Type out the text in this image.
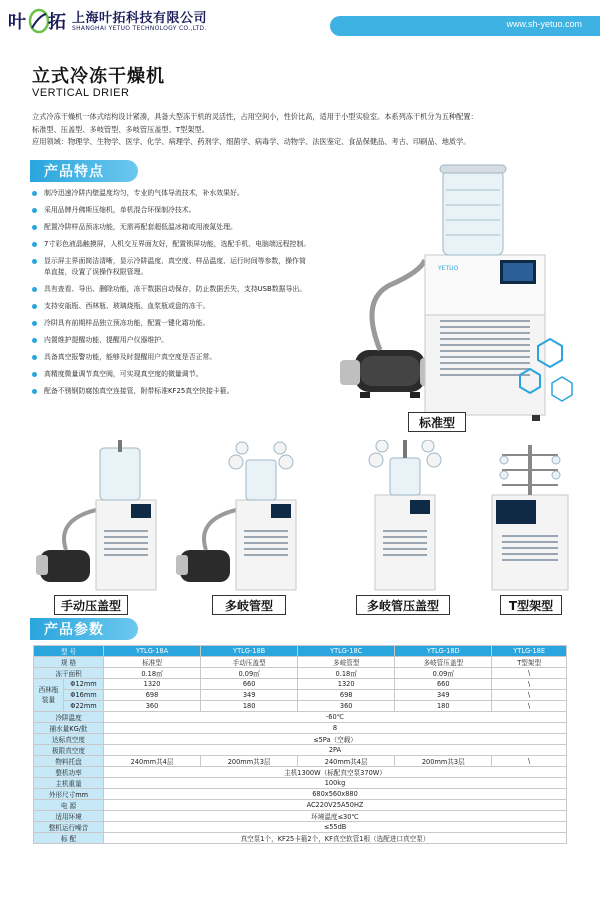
叶 拓 上海叶拓科技有限公司
SHANGHAI YETUO TECHNOLOGY CO.,LTD.	www.sh-yetuo.com
立式冷冻干燥机
VERTICAL DRIER
立式冷冻干燥机一体式结构设计紧凑，具备大型冻干机的灵活性，占用空间小，性价比高，适用于小型实验室。本系列冻干机分为五种配置：
标准型、压盖型、多岐管型、多岐管压盖型、T型架型。
应用领域：物理学、生物学、医学、化学、病理学、药剂学、细菌学、病毒学、动物学、法医鉴定、食品保健品、考古、印刷品、地质学。
产品特点
制冷迅速冷阱内壁温度均匀，专业的气体导流技术，补水效果好。
采用品牌丹佛斯压缩机，单机混合环保制冷技术。
配置冷阱样品预冻功能，无需再配套超低温冰箱或用液氮处理。
7寸彩色液晶触摸屏，人机交互界面友好，配置锁屏功能，选配手机、电脑端远程控制。
显示屏主界面简洁清晰，显示冷阱温度、真空度、样品温度、运行时间等参数，操作简单直接，设置了误操作权限管理。
具有查看、导出、删除功能，冻干数据自动保存，防止数据丢失，支持USB数据导出。
支持安瓿瓶、西林瓶、玻璃烧瓶、血浆瓶或盘的冻干。
冷阱具有前期样品独立预冻功能，配置一键化霜功能。
内置维护提醒功能，提醒用户仪器维护。
具备真空报警功能，能够及时提醒用户真空度是否正常。
高精度微量调节真空阀，可实现真空度的微量调节。
配备不锈钢防腐蚀真空连接管，附带标准KF25真空快接卡箍。
YETUO
标准型
手动压盖型	多岐管型	多岐管压盖型	T型架型
产品参数
型 号		YTLG-18A	YTLG-18B	YTLG-18C	YTLG-18D	YTLG-18E
规 格		标准型	手动压盖型	多岐管型	多岐管压盖型	T型架型
冻干面积		0.18㎡	0.09㎡	0.18㎡	0.09㎡	\
西林瓶装量	Φ12mm	1320	660	1320	660	\
	Φ16mm	698	349	698	349	\
	Φ22mm	360	180	360	180	\
冷阱温度		-60℃				
捕水量KG/批		8				
达标真空度		≤5Pa（空载）				
极限真空度		2PA				
物料托盘		240mm共4层	200mm共3层	240mm共4层	200mm共3层	\
整机功率		主机1300W（标配真空泵370W）				
主机重量		100kg				
外形尺寸mm		680x560x880				
电 源		AC220V25A50HZ				
适用环境		环境温度≤30℃				
整机运行噪音		≤55dB				
标 配		真空泵1个，KF25卡箍2个，KF真空软管1根（选配进口真空泵）				
